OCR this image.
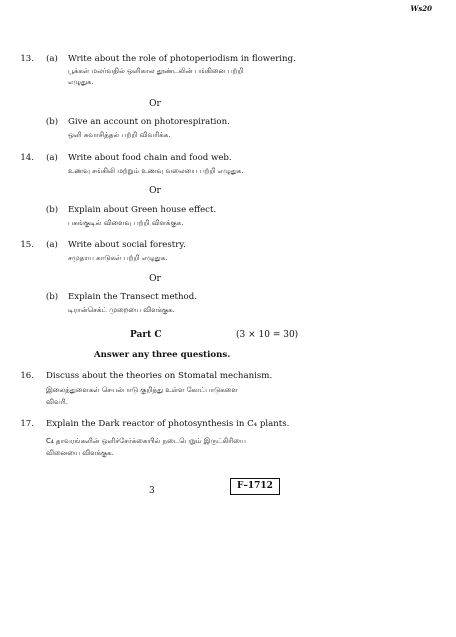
Ws20
13.	(a)	Write about the role of photoperiodism in flowering.
பூக்கள் மலர்வதில் ஒளிகால தூண்டலின் பங்கினை பற்றி
எழுதுக.
Or
(b)	Give an account on photorespiration.
ஒளி சுவாசித்தல் பற்றி விவரிக்க.
14.	(a)	Write about food chain and food web.
உணவு சங்கிலி மற்றும் உணவு வலையை பற்றி எழுதுக.
Or
(b)	Explain about Green house effect.
பசுங்குடில் விளைவு பற்றி விளக்குக.
15.	(a)	Write about social forestry.
சமுதாய காடுகள் பற்றி எழுதுக.
Or
(b)	Explain the Transect method.
டிரான்செக்ட் முறையை விளக்குக.
Part C	(3 × 10 = 30)
Answer any three questions.
16. Discuss about the theories on Stomatal mechanism.
இலைத்துளைகள் செயல்பாடு குறித்து உள்ள கோட்பாடுகளை
விவரி.
17. Explain the Dark reactor of photosynthesis in C₄ plants.
C₄ தாவரங்களின் ஒளிச்சேர்க்கையில் நடைபெறும் இருட்கிரியை
வினையை விளக்குக.
3	F–1712
